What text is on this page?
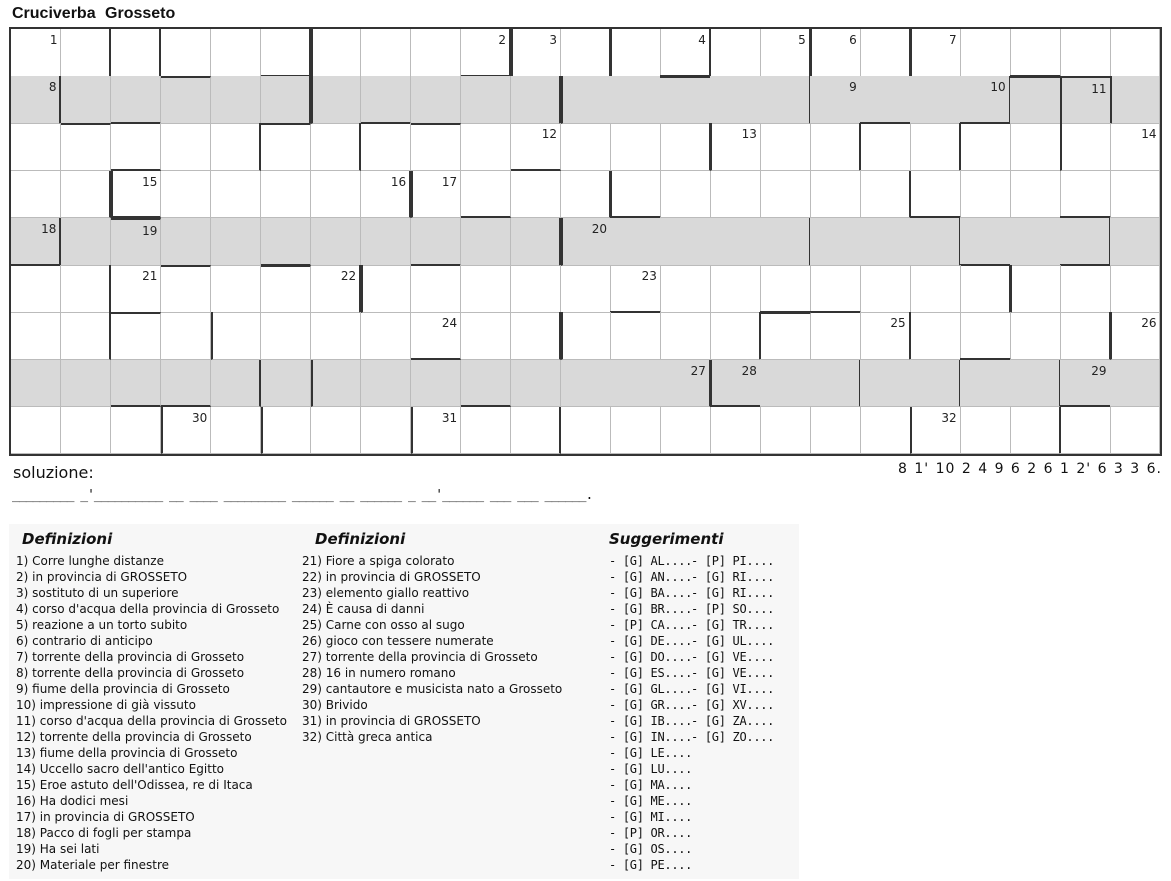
Cruciverba Grosseto
1	2	3	4	5	6	7
8	9	10	11
12	13	14
15	16	17
18	19	20
21	22	23
24	25	26
27	28	29
30	31	32
soluzione:	8 1' 10 2 4 9 6 2 6 1 2' 6 3 3 6.
_________ _'__________ __ ____ _________ ______ __ ______ _ __'______ ___ ___ ______.
Definizioni	Definizioni	Suggerimenti
1) Corre lunghe distanze
2) in provincia di GROSSETO
3) sostituto di un superiore
4) corso d'acqua della provincia di Grosseto
5) reazione a un torto subito
6) contrario di anticipo
7) torrente della provincia di Grosseto
8) torrente della provincia di Grosseto
9) fiume della provincia di Grosseto
10) impressione di già vissuto
11) corso d'acqua della provincia di Grosseto
12) torrente della provincia di Grosseto
13) fiume della provincia di Grosseto
14) Uccello sacro dell'antico Egitto
15) Eroe astuto dell'Odissea, re di Itaca
16) Ha dodici mesi
17) in provincia di GROSSETO
18) Pacco di fogli per stampa
19) Ha sei lati
20) Materiale per finestre
21) Fiore a spiga colorato
22) in provincia di GROSSETO
23) elemento giallo reattivo
24) È causa di danni
25) Carne con osso al sugo
26) gioco con tessere numerate
27) torrente della provincia di Grosseto
28) 16 in numero romano
29) cantautore e musicista nato a Grosseto
30) Brivido
31) in provincia di GROSSETO
32) Città greca antica
- [G] AL....
- [G] AN....
- [G] BA....
- [G] BR....
- [P] CA....
- [G] DE....
- [G] DO....
- [G] ES....
- [G] GL....
- [G] GR....
- [G] IB....
- [G] IN....
- [G] LE....
- [G] LU....
- [G] MA....
- [G] ME....
- [G] MI....
- [P] OR....
- [G] OS....
- [G] PE....
- [P] PI....
- [G] RI....
- [G] RI....
- [P] SO....
- [G] TR....
- [G] UL....
- [G] VE....
- [G] VE....
- [G] VI....
- [G] XV....
- [G] ZA....
- [G] ZO....
